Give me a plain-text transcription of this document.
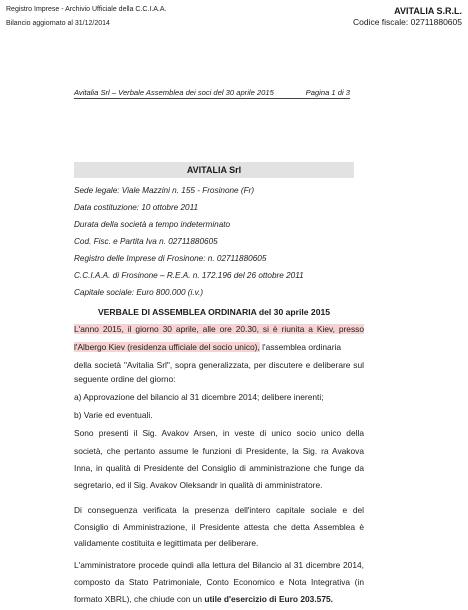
Registro Imprese - Archivio Ufficiale della C.C.I.A.A.
Bilancio aggiornato al 31/12/2014
AVITALIA S.R.L.
Codice fiscale: 02711880605
Avitalia Srl – Verbale Assemblea dei soci del 30 aprile 2015	Pagina 1 di 3
AVITALIA Srl
Sede legale: Viale Mazzini n. 155 - Frosinone (Fr)
Data costituzione: 10 ottobre 2011
Durata della società a tempo indeterminato
Cod. Fisc. e Partita Iva n. 02711880605
Registro delle Imprese di Frosinone: n. 02711880605
C.C.I.A.A. di Frosinone – R.E.A. n. 172.196 del 26 ottobre 2011
Capitale sociale: Euro 800.000 (i.v.)
VERBALE DI ASSEMBLEA ORDINARIA del 30 aprile 2015
L'anno 2015, il giorno 30 aprile, alle ore 20.30, si è riunita a Kiev, presso
l'Albergo Kiev (residenza ufficiale del socio unico), l'assemblea ordinaria
della società "Avitalia Srl", sopra generalizzata, per discutere e deliberare sul
seguente ordine del giorno:
a) Approvazione del bilancio al 31 dicembre 2014; delibere inerenti;
b) Varie ed eventuali.
Sono presenti il Sig. Avakov Arsen, in veste di unico socio unico della
società, che pertanto assume le funzioni di Presidente, la Sig. ra Avakova
Inna, in qualità di Presidente del Consiglio di amministrazione che funge da
segretario, ed il Sig. Avakov Oleksandr in qualità di amministratore.
Di conseguenza verificata la presenza dell'intero capitale sociale e del
Consiglio di Amministrazione, il Presidente attesta che detta Assemblea è
validamente costituita e legittimata per deliberare.
L'amministratore procede quindi alla lettura del Bilancio al 31 dicembre 2014,
composto da Stato Patrimoniale, Conto Economico e Nota Integrativa (in
formato XBRL), che chiude con un utile d'esercizio di Euro 203.575.
